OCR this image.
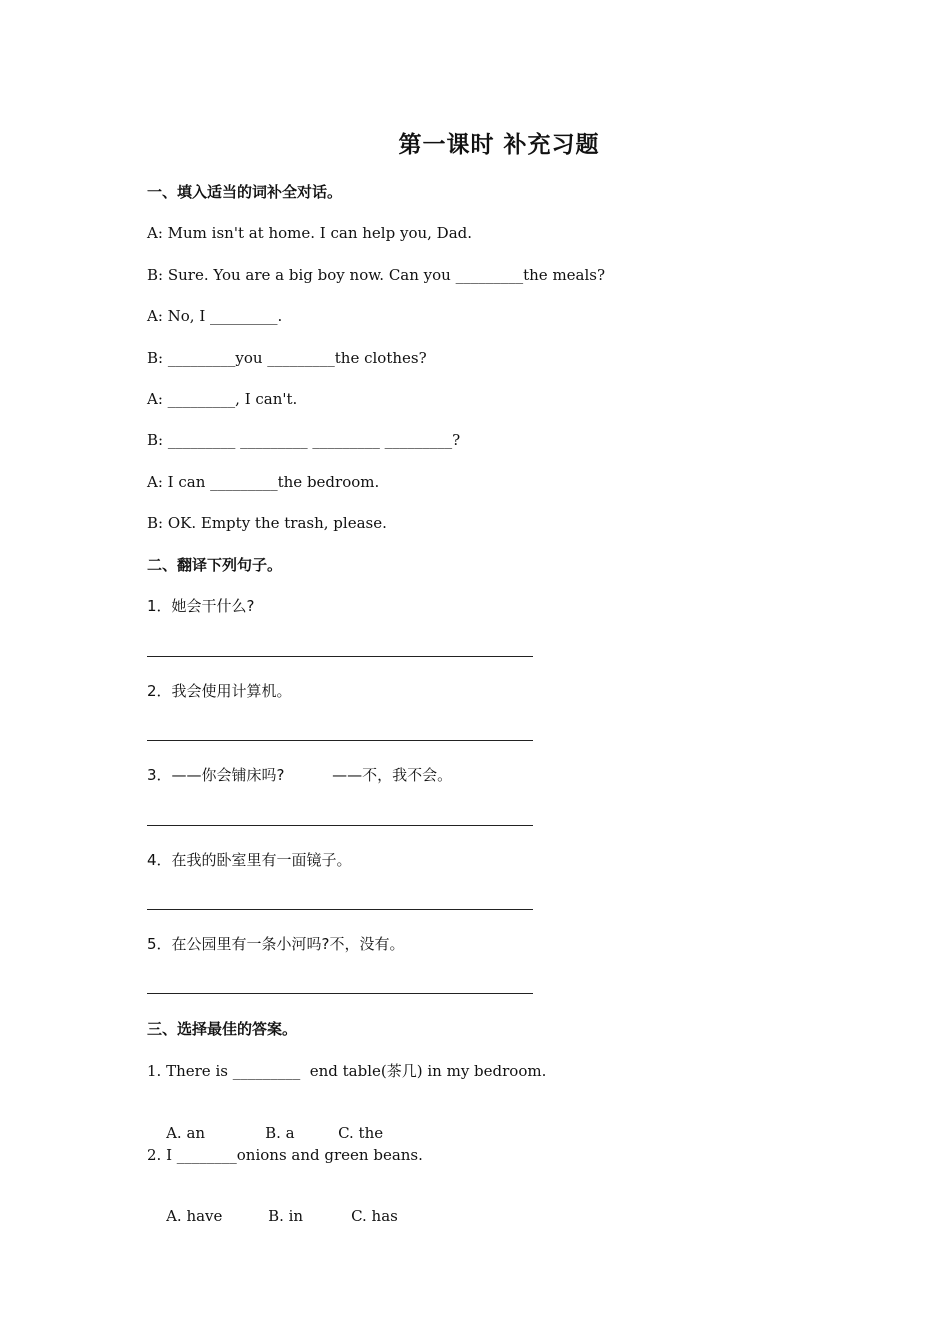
第一课时 补充习题
一、填入适当的词补全对话。
A: Mum isn't at home. I can help you, Dad.
B: Sure. You are a big boy now. Can you _________the meals?
A: No, I _________.
B: _________you _________the clothes?
A: _________, I can't.
B: _________ _________ _________ _________?
A: I can _________the bedroom.
B: OK. Empty the trash, please.
二、翻译下列句子。
1．她会干什么?
2．我会使用计算机。
3．——你会铺床吗?          ——不，我不会。
4．在我的卧室里有一面镜子。
5．在公园里有一条小河吗?不，没有。
三、选择最佳的答案。
1. There is _________  end table(茶几) in my bedroom.

A. an	B. a	C. the

2. I ________onions and green beans.

A. have	B. in	C. has
